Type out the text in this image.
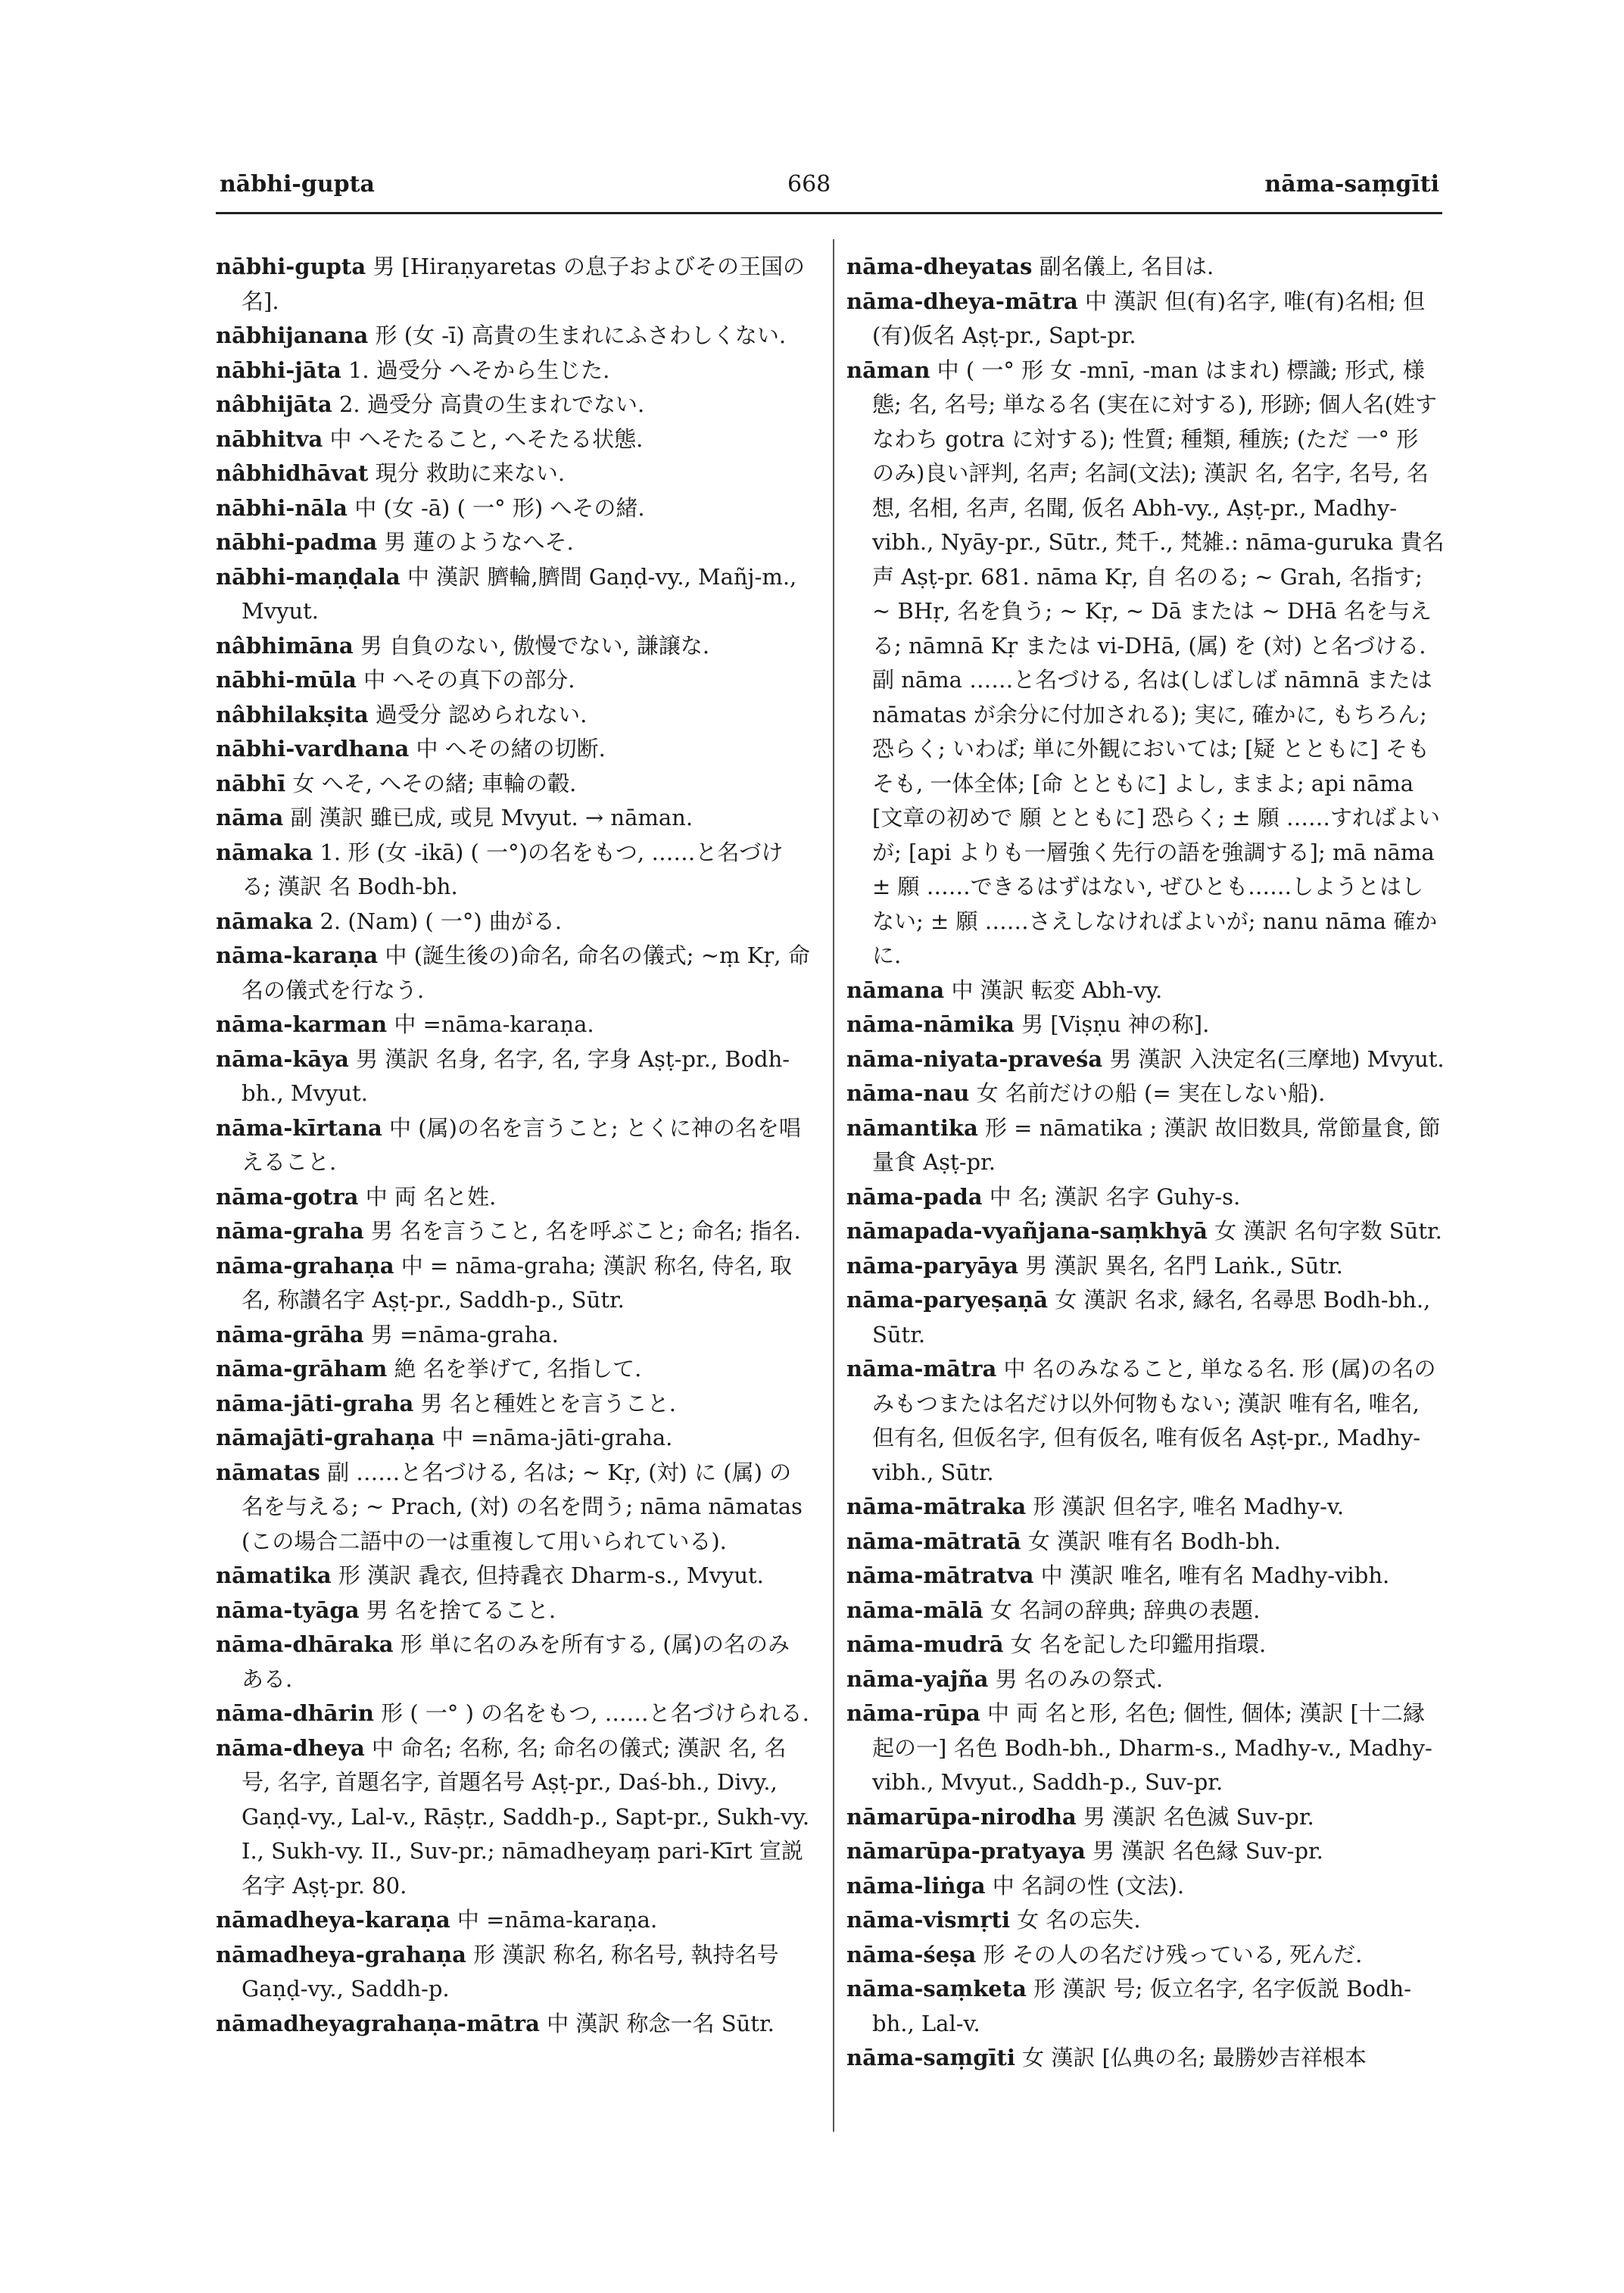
nābhi-gupta	668	nāma-saṃgīti

nābhi-gupta 男 [Hiraṇyaretas の息子およびその王国の名].

nābhijanana 形 (女 -ī) 高貴の生まれにふさわしくない.

nābhi-jāta 1. 過受分 へそから生じた.

nâbhijāta 2. 過受分 高貴の生まれでない.

nābhitva 中 へそたること, へそたる状態.

nâbhidhāvat 現分 救助に来ない.

nābhi-nāla 中 (女 -ā) ( 一° 形) へその緒.

nābhi-padma 男 蓮のようなへそ.

nābhi-maṇḍala 中 漢訳 臍輪,臍間 Gaṇḍ-vy., Mañj-m., Mvyut.

nâbhimāna 男 自負のない, 傲慢でない, 謙譲な.

nābhi-mūla 中 へその真下の部分.

nâbhilakṣita 過受分 認められない.

nābhi-vardhana 中 へその緒の切断.

nābhī 女 へそ, へその緒; 車輪の轂.

nāma 副 漢訳 雖已成, 或見 Mvyut. → nāman.

nāmaka 1. 形 (女 -ikā) ( 一°)の名をもつ, ……と名づける; 漢訳 名 Bodh-bh.

nāmaka 2. (Nam) ( 一°) 曲がる.

nāma-karaṇa 中 (誕生後の)命名, 命名の儀式; ~ṃ Kṛ, 命名の儀式を行なう.

nāma-karman 中 =nāma-karaṇa.

nāma-kāya 男 漢訳 名身, 名字, 名, 字身 Aṣṭ-pr., Bodh-bh., Mvyut.

nāma-kīrtana 中 (属)の名を言うこと; とくに神の名を唱えること.

nāma-gotra 中 両 名と姓.

nāma-graha 男 名を言うこと, 名を呼ぶこと; 命名; 指名.

nāma-grahaṇa 中 = nāma-graha; 漢訳 称名, 侍名, 取名, 称讃名字 Aṣṭ-pr., Saddh-p., Sūtr.

nāma-grāha 男 =nāma-graha.

nāma-grāham 絶 名を挙げて, 名指して.

nāma-jāti-graha 男 名と種姓とを言うこと.

nāmajāti-grahaṇa 中 =nāma-jāti-graha.

nāmatas 副 ……と名づける, 名は; ~ Kṛ, (対) に (属) の名を与える; ~ Prach, (対) の名を問う; nāma nāmatas (この場合二語中の一は重複して用いられている).

nāmatika 形 漢訳 毳衣, 但持毳衣 Dharm-s., Mvyut.

nāma-tyāga 男 名を捨てること.

nāma-dhāraka 形 単に名のみを所有する, (属)の名のみある.

nāma-dhārin 形 ( 一° ) の名をもつ, ……と名づけられる.

nāma-dheya 中 命名; 名称, 名; 命名の儀式; 漢訳 名, 名号, 名字, 首題名字, 首題名号 Aṣṭ-pr., Daś-bh., Divy., Gaṇḍ-vy., Lal-v., Rāṣṭr., Saddh-p., Sapt-pr., Sukh-vy. I., Sukh-vy. II., Suv-pr.; nāmadheyaṃ pari-Kīrt 宣説名字 Aṣṭ-pr. 80.

nāmadheya-karaṇa 中 =nāma-karaṇa.

nāmadheya-grahaṇa 形 漢訳 称名, 称名号, 執持名号 Gaṇḍ-vy., Saddh-p.

nāmadheyagrahaṇa-mātra 中 漢訳 称念一名 Sūtr.

nāma-dheyatas 副名儀上, 名目は.

nāma-dheya-mātra 中 漢訳 但(有)名字, 唯(有)名相; 但(有)仮名 Aṣṭ-pr., Sapt-pr.

nāman 中 ( 一° 形 女 -mnī, -man はまれ) 標識; 形式, 様態; 名, 名号; 単なる名 (実在に対する), 形跡; 個人名(姓すなわち gotra に対する); 性質; 種類, 種族; (ただ 一° 形 のみ)良い評判, 名声; 名詞(文法); 漢訳 名, 名字, 名号, 名想, 名相, 名声, 名聞, 仮名 Abh-vy., Aṣṭ-pr., Madhy-vibh., Nyāy-pr., Sūtr., 梵千., 梵雑.: nāma-guruka 貴名声 Aṣṭ-pr. 681. nāma Kṛ, 自 名のる; ~ Grah, 名指す; ~ BHṛ, 名を負う; ~ Kṛ, ~ Dā または ~ DHā 名を与える; nāmnā Kṛ または vi-DHā, (属) を (対) と名づける. 副 nāma ……と名づける, 名は(しばしば nāmnā または nāmatas が余分に付加される); 実に, 確かに, もちろん; 恐らく; いわば; 単に外観においては; [疑 とともに] そもそも, 一体全体; [命 とともに] よし, ままよ; api nāma [文章の初めで 願 とともに] 恐らく; ± 願 ……すればよいが; [api よりも一層強く先行の語を強調する]; mā nāma ± 願 ……できるはずはない, ぜひとも……しようとはしない; ± 願 ……さえしなければよいが; nanu nāma 確かに.

nāmana 中 漢訳 転変 Abh-vy.

nāma-nāmika 男 [Viṣṇu 神の称].

nāma-niyata-praveśa 男 漢訳 入決定名(三摩地) Mvyut.

nāma-nau 女 名前だけの船 (= 実在しない船).

nāmantika 形 = nāmatika ; 漢訳 故旧数具, 常節量食, 節量食 Aṣṭ-pr.

nāma-pada 中 名; 漢訳 名字 Guhy-s.

nāmapada-vyañjana-saṃkhyā 女 漢訳 名句字数 Sūtr.

nāma-paryāya 男 漢訳 異名, 名門 Laṅk., Sūtr.

nāma-paryeṣaṇā 女 漢訳 名求, 縁名, 名尋思 Bodh-bh., Sūtr.

nāma-mātra 中 名のみなること, 単なる名. 形 (属)の名のみもつまたは名だけ以外何物もない; 漢訳 唯有名, 唯名, 但有名, 但仮名字, 但有仮名, 唯有仮名 Aṣṭ-pr., Madhy-vibh., Sūtr.

nāma-mātraka 形 漢訳 但名字, 唯名 Madhy-v.

nāma-mātratā 女 漢訳 唯有名 Bodh-bh.

nāma-mātratva 中 漢訳 唯名, 唯有名 Madhy-vibh.

nāma-mālā 女 名詞の辞典; 辞典の表題.

nāma-mudrā 女 名を記した印鑑用指環.

nāma-yajña 男 名のみの祭式.

nāma-rūpa 中 両 名と形, 名色; 個性, 個体; 漢訳 [十二縁起の一] 名色 Bodh-bh., Dharm-s., Madhy-v., Madhy-vibh., Mvyut., Saddh-p., Suv-pr.

nāmarūpa-nirodha 男 漢訳 名色滅 Suv-pr.

nāmarūpa-pratyaya 男 漢訳 名色縁 Suv-pr.

nāma-liṅga 中 名詞の性 (文法).

nāma-vismṛti 女 名の忘失.

nāma-śeṣa 形 その人の名だけ残っている, 死んだ.

nāma-saṃketa 形 漢訳 号; 仮立名字, 名字仮説 Bodh-bh., Lal-v.

nāma-saṃgīti 女 漢訳 [仏典の名; 最勝妙吉祥根本
